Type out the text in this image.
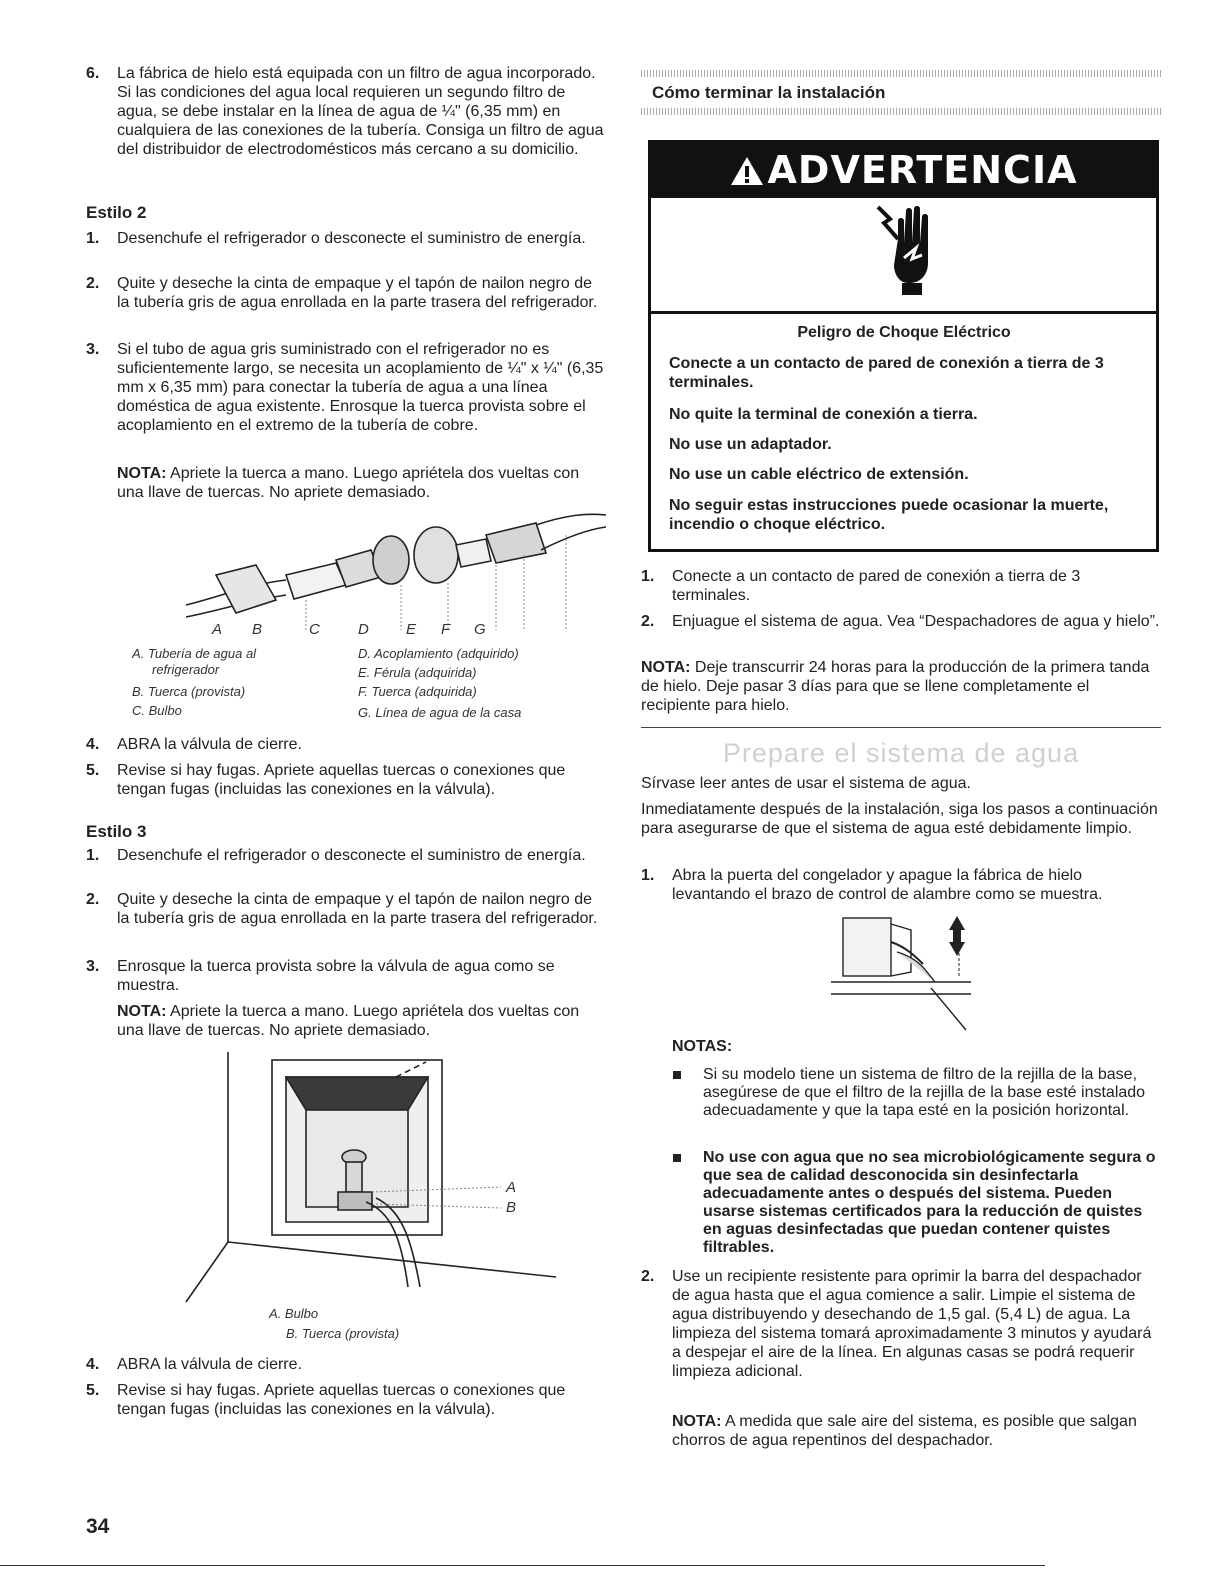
6. La fábrica de hielo está equipada con un filtro de agua incorporado. Si las condiciones del agua local requieren un segundo filtro de agua, se debe instalar en la línea de agua de ¼" (6,35 mm) en cualquiera de las conexiones de la tubería. Consiga un filtro de agua del distribuidor de electrodomésticos más cercano a su domicilio.
Estilo 2
1. Desenchufe el refrigerador o desconecte el suministro de energía.
2. Quite y deseche la cinta de empaque y el tapón de nailon negro de la tubería gris de agua enrollada en la parte trasera del refrigerador.
3. Si el tubo de agua gris suministrado con el refrigerador no es suficientemente largo, se necesita un acoplamiento de ¼" x ¼" (6,35 mm x 6,35 mm) para conectar la tubería de agua a una línea doméstica de agua existente. Enrosque la tuerca provista sobre el acoplamiento en el extremo de la tubería de cobre.
NOTA: Apriete la tuerca a mano. Luego apriételа dos vueltas con una llave de tuercas. No apriete demasiado.
A B	C	D E F G
A. Tubería de agua al
refrigerador
B. Tuerca (provista)
C. Bulbo
D. Acoplamiento (adquirido)
E. Férula (adquirida)
F. Tuerca (adquirida)
G. Línea de agua de la casa
4. ABRA la válvula de cierre.
5. Revise si hay fugas. Apriete aquellas tuercas o conexiones que tengan fugas (incluidas las conexiones en la válvula).
Estilo 3
1. Desenchufe el refrigerador o desconecte el suministro de energía.
2. Quite y deseche la cinta de empaque y el tapón de nailon negro de la tubería gris de agua enrollada en la parte trasera del refrigerador.
3. Enrosque la tuerca provista sobre la válvula de agua como se muestra.
NOTA: Apriete la tuerca a mano. Luego apriételа dos vueltas con una llave de tuercas. No apriete demasiado.
A
B
A. Bulbo
B. Tuerca (provista)
4. ABRA la válvula de cierre.
5. Revise si hay fugas. Apriete aquellas tuercas o conexiones que tengan fugas (incluidas las conexiones en la válvula).
34
Cómo terminar la instalación
ADVERTENCIA
Peligro de Choque Eléctrico
Conecte a un contacto de pared de conexión a tierra de 3 terminales.
No quite la terminal de conexión a tierra.
No use un adaptador.
No use un cable eléctrico de extensión.
No seguir estas instrucciones puede ocasionar la muerte, incendio o choque eléctrico.
1. Conecte a un contacto de pared de conexión a tierra de 3 terminales.
2. Enjuague el sistema de agua. Vea “Despachadores de agua y hielo”.
NOTA: Deje transcurrir 24 horas para la producción de la primera tanda de hielo. Deje pasar 3 días para que se llene completamente el recipiente para hielo.
Sírvase leer antes de usar el sistema de agua.
Inmediatamente después de la instalación, siga los pasos a continuación para asegurarse de que el sistema de agua esté debidamente limpio.
1. Abra la puerta del congelador y apague la fábrica de hielo levantando el brazo de control de alambre como se muestra.
NOTAS:
Si su modelo tiene un sistema de filtro de la rejilla de la base, asegúrese de que el filtro de la rejilla de la base esté instalado adecuadamente y que la tapa esté en la posición horizontal.
No use con agua que no sea microbiológicamente segura o que sea de calidad desconocida sin desinfectarla adecuadamente antes o después del sistema. Pueden usarse sistemas certificados para la reducción de quistes en aguas desinfectadas que puedan contener quistes filtrables.
2. Use un recipiente resistente para oprimir la barra del despachador de agua hasta que el agua comience a salir. Limpie el sistema de agua distribuyendo y desechando de 1,5 gal. (5,4 L) de agua. La limpieza del sistema tomará aproximadamente 3 minutos y ayudará a despejar el aire de la línea. En algunas casas se podrá requerir limpieza adicional.
NOTA: A medida que sale aire del sistema, es posible que salgan chorros de agua repentinos del despachador.
Prepare el sistema de agua
